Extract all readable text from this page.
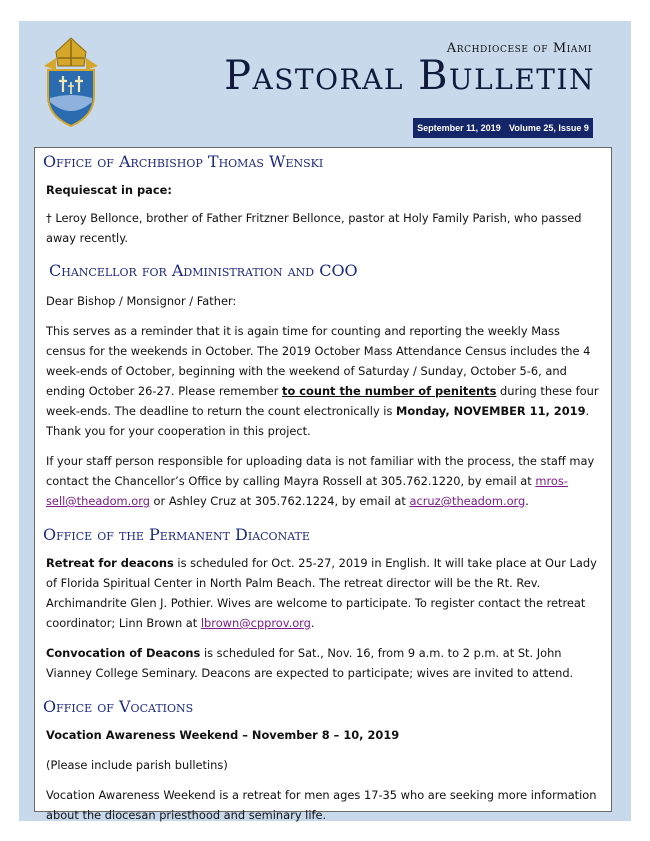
Archdiocese of Miami
Pastoral Bulletin
September 11, 2019 Volume 25, Issue 9
Office of Archbishop Thomas Wenski

Requiescat in pace:

† Leroy Bellonce, brother of Father Fritzner Bellonce, pastor at Holy Family Parish, who passed away recently.

Chancellor for Administration and COO

Dear Bishop / Monsignor / Father:

This serves as a reminder that it is again time for counting and reporting the weekly Mass census for the weekends in October. The 2019 October Mass Attendance Census includes the 4 week-ends of October, beginning with the weekend of Saturday / Sunday, October 5-6, and ending October 26-27. Please remember to count the number of penitents during these four week-ends. The deadline to return the count electronically is Monday, NOVEMBER 11, 2019. Thank you for your cooperation in this project.

If your staff person responsible for uploading data is not familiar with the process, the staff may contact the Chancellor’s Office by calling Mayra Rossell at 305.762.1220, by email at mros-sell@theadom.org or Ashley Cruz at 305.762.1224, by email at acruz@theadom.org.

Office of the Permanent Diaconate

Retreat for deacons is scheduled for Oct. 25-27, 2019 in English. It will take place at Our Lady of Florida Spiritual Center in North Palm Beach. The retreat director will be the Rt. Rev. Archimandrite Glen J. Pothier. Wives are welcome to participate. To register contact the retreat coordinator; Linn Brown at lbrown@cpprov.org.

Convocation of Deacons is scheduled for Sat., Nov. 16, from 9 a.m. to 2 p.m. at St. John Vianney College Seminary. Deacons are expected to participate; wives are invited to attend.

Office of Vocations

Vocation Awareness Weekend – November 8 – 10, 2019

(Please include parish bulletins)

Vocation Awareness Weekend is a retreat for men ages 17-35 who are seeking more information about the diocesan priesthood and seminary life.
